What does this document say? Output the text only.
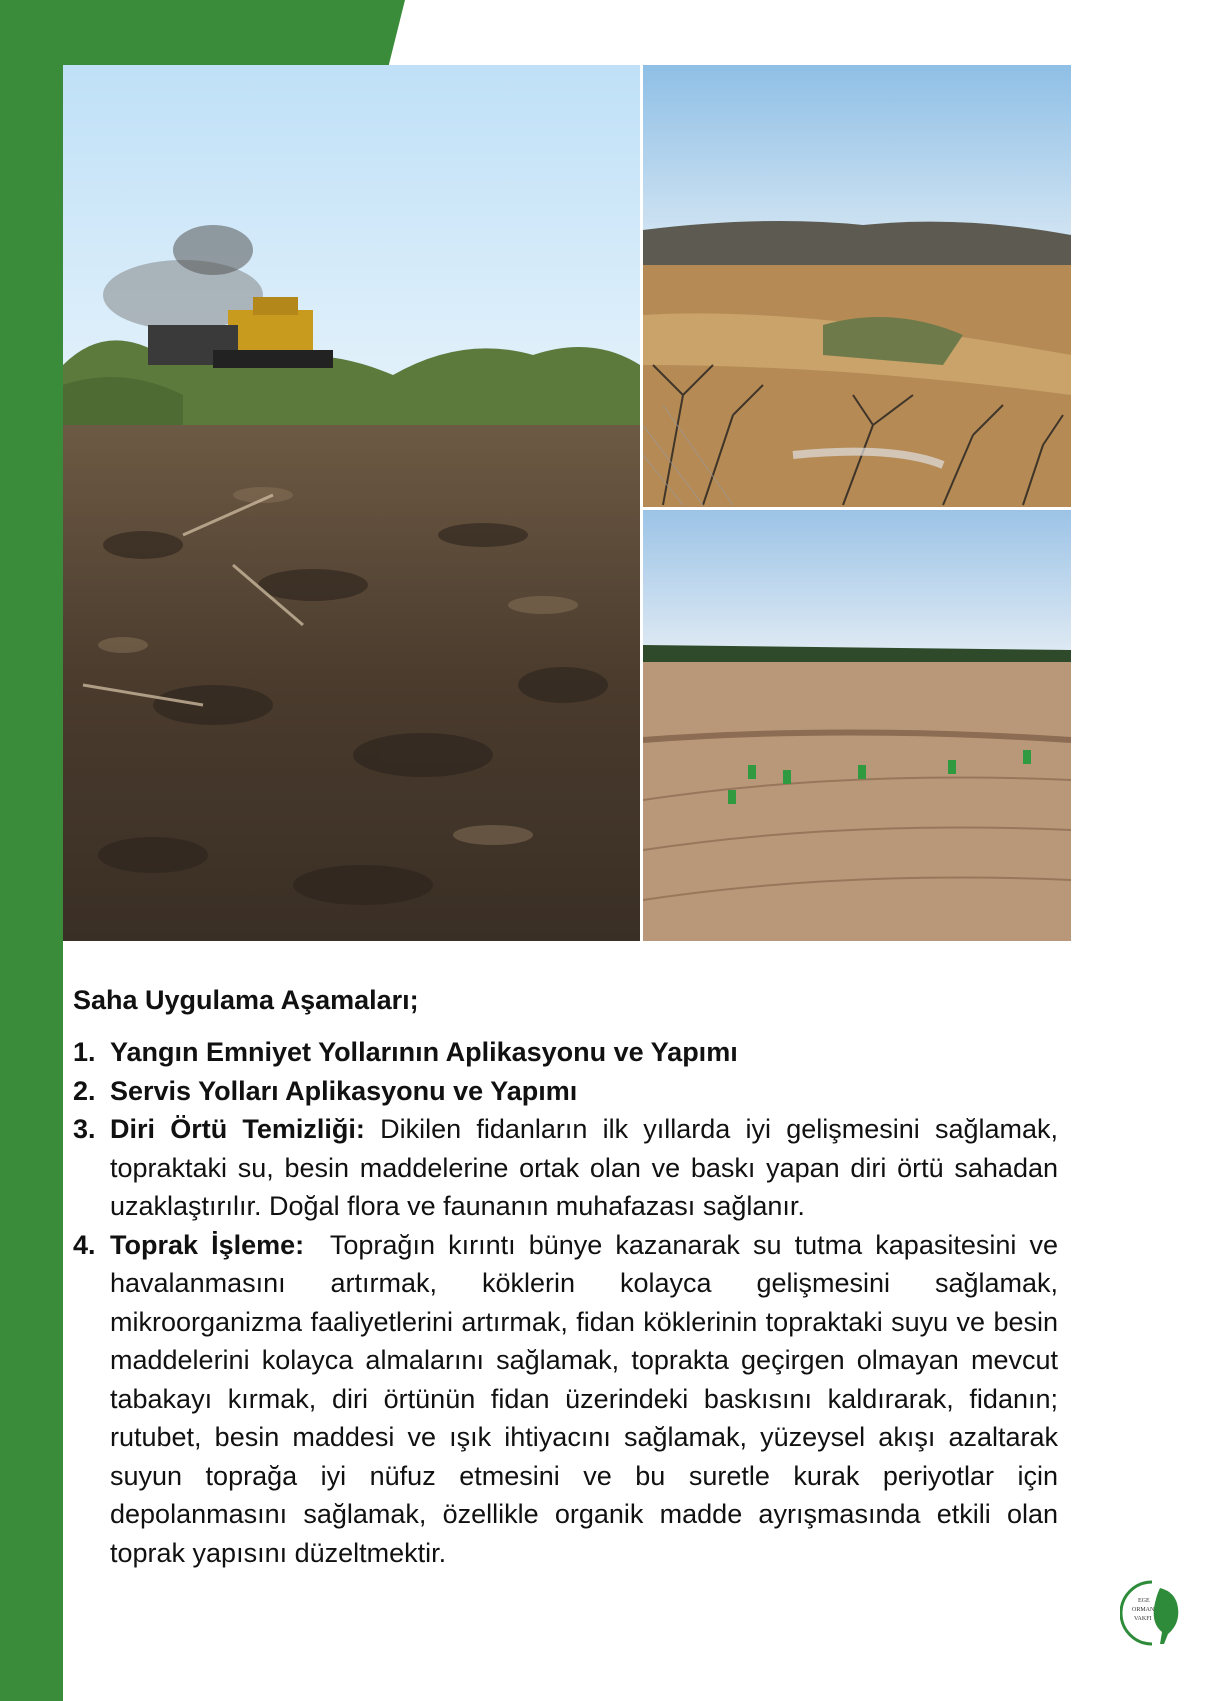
Saha Uygulama Aşamaları;
1. Yangın Emniyet Yollarının Aplikasyonu ve Yapımı
2. Servis Yolları Aplikasyonu ve Yapımı
3. Diri Örtü Temizliği: Dikilen fidanların ilk yıllarda iyi gelişmesini sağlamak, topraktaki su, besin maddelerine ortak olan ve baskı yapan diri örtü sahadan uzaklaştırılır. Doğal flora ve faunanın muhafazası sağlanır.
4. Toprak İşleme:  Toprağın kırıntı bünye kazanarak su tutma kapasitesini ve havalanmasını artırmak, köklerin kolayca gelişmesini sağlamak,  mikroorganizma faaliyetlerini artırmak, fidan köklerinin topraktaki suyu ve besin maddelerini kolayca almalarını sağlamak, toprakta geçirgen olmayan mevcut tabakayı kırmak, diri örtünün fidan üzerindeki baskısını kaldırarak, fidanın; rutubet, besin maddesi ve ışık ihtiyacını sağlamak, yüzeysel akışı azaltarak suyun toprağa iyi nüfuz etmesini ve bu suretle kurak periyotlar için depolanmasını sağlamak, özellikle organik madde ayrışmasında etkili olan toprak yapısını düzeltmektir.
EGE
ORMAN
VAKFI
